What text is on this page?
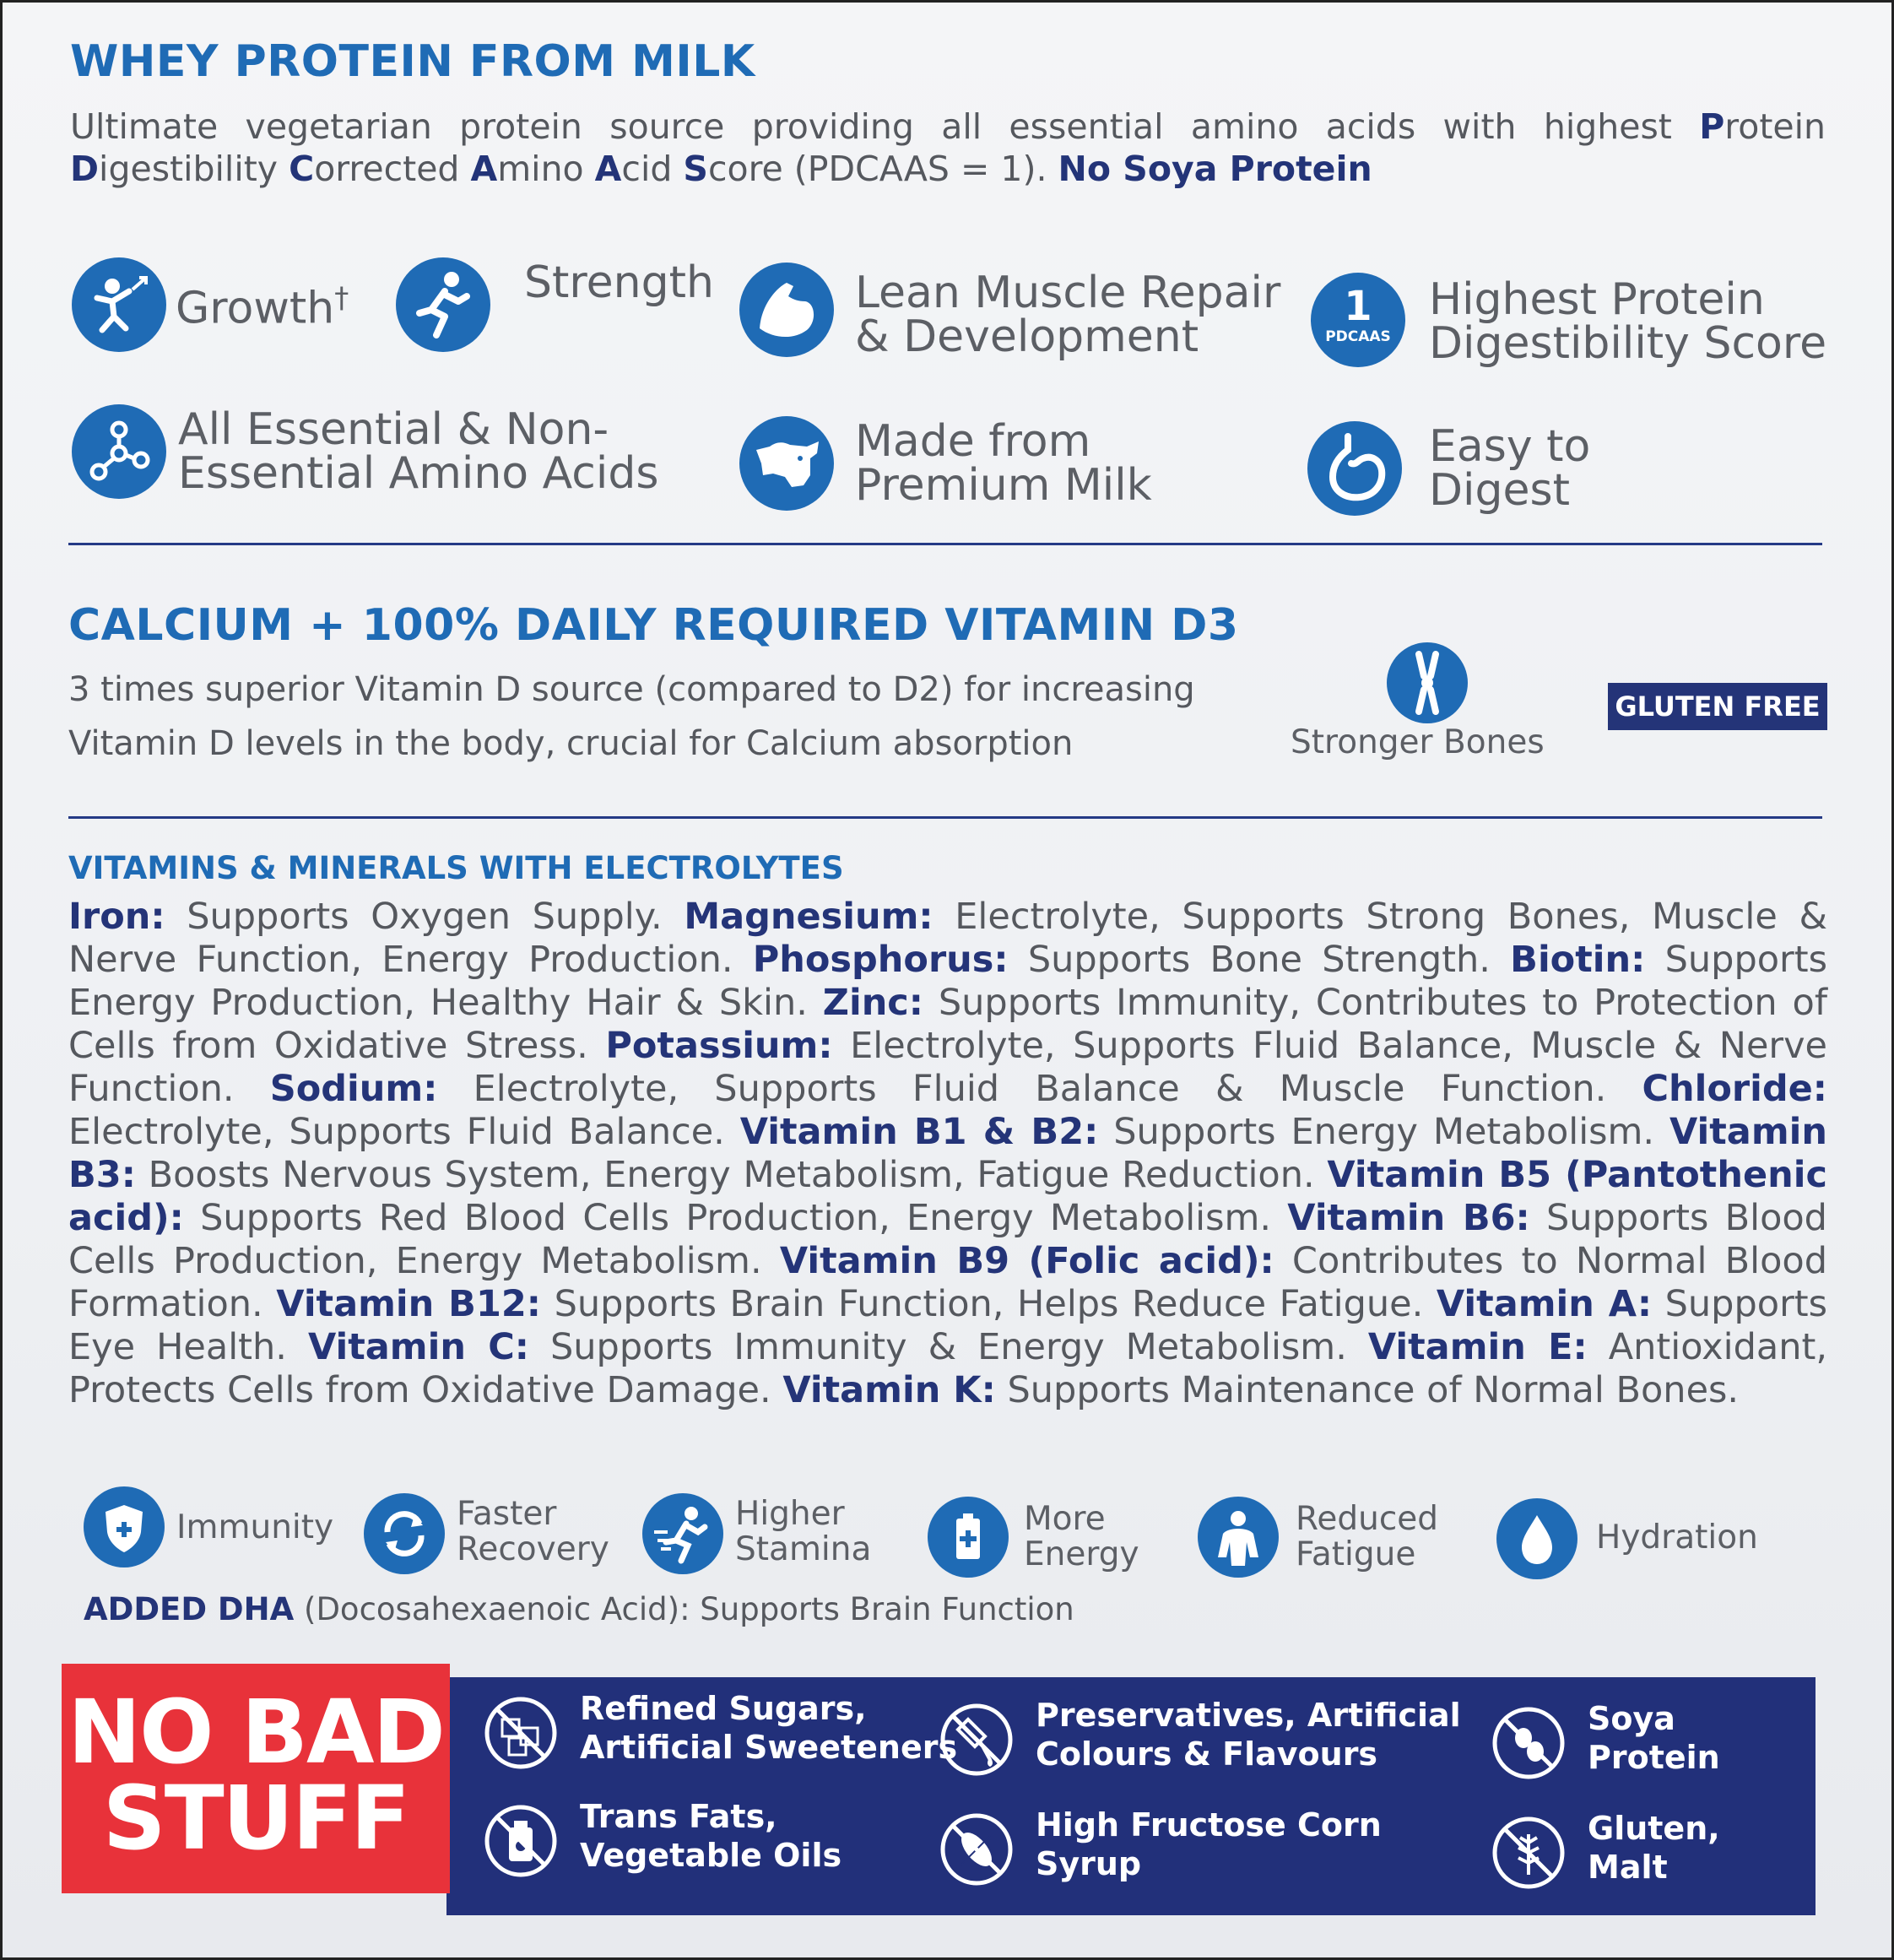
WHEY PROTEIN FROM MILK
Ultimate vegetarian protein source providing all essential amino acids with highest Protein Digestibility Corrected Amino Acid Score (PDCAAS = 1). No Soya Protein
Growth†	Strength	Lean Muscle Repair
& Development
1
PDCAAS
Highest Protein
Digestibility Score
All Essential & Non-
Essential Amino Acids
Made from
Premium Milk
Easy to
Digest
CALCIUM + 100% DAILY REQUIRED VITAMIN D3
3 times superior Vitamin D source (compared to D2) for increasing
Vitamin D levels in the body, crucial for Calcium absorption	Stronger Bones
GLUTEN FREE
VITAMINS & MINERALS WITH ELECTROLYTES
Iron: Supports Oxygen Supply. Magnesium: Electrolyte, Supports Strong Bones, Muscle & Nerve Function, Energy Production. Phosphorus: Supports Bone Strength. Biotin: Supports Energy Production, Healthy Hair & Skin. Zinc: Supports Immunity, Contributes to Protection of Cells from Oxidative Stress. Potassium: Electrolyte, Supports Fluid Balance, Muscle & Nerve Function. Sodium: Electrolyte, Supports Fluid Balance & Muscle Function. Chloride: Electrolyte, Supports Fluid Balance. Vitamin B1 & B2: Supports Energy Metabolism. Vitamin B3: Boosts Nervous System, Energy Metabolism, Fatigue Reduction. Vitamin B5 (Pantothenic acid): Supports Red Blood Cells Production, Energy Metabolism. Vitamin B6: Supports Blood Cells Production, Energy Metabolism. Vitamin B9 (Folic acid): Contributes to Normal Blood Formation. Vitamin B12: Supports Brain Function, Helps Reduce Fatigue. Vitamin A: Supports Eye Health. Vitamin C: Supports Immunity & Energy Metabolism. Vitamin E: Antioxidant, Protects Cells from Oxidative Damage. Vitamin K: Supports Maintenance of Normal Bones.
Immunity	Faster
Recovery
Higher
Stamina
More
Energy
Reduced
Fatigue	Hydration
ADDED DHA (Docosahexaenoic Acid): Supports Brain Function
NO BAD
STUFF
Refined Sugars,
Artificial Sweeteners
Preservatives, Artificial
Colours & Flavours
Soya
Protein
Trans Fats,
Vegetable Oils
High Fructose Corn
Syrup
Gluten,
Malt
